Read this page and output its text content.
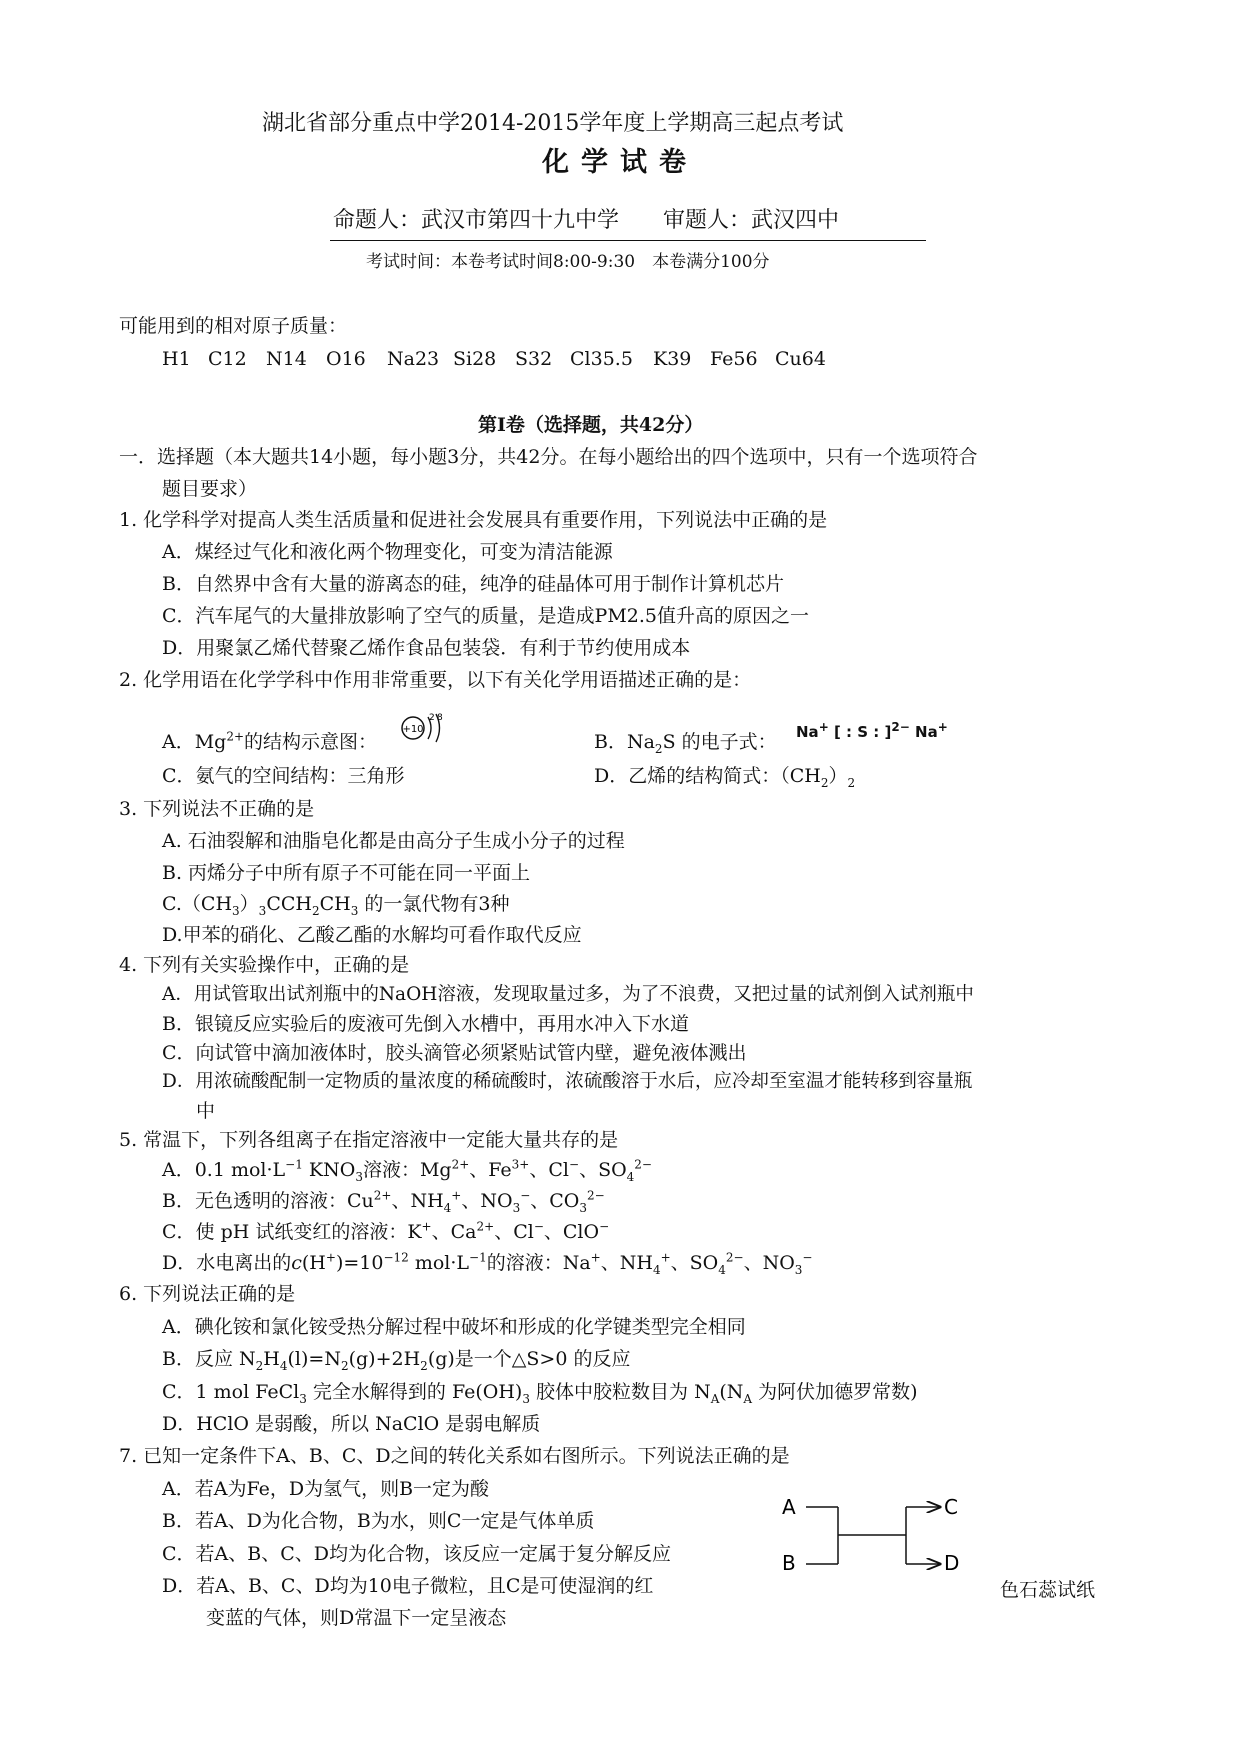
湖北省部分重点中学2014-2015学年度上学期高三起点考试
化学试卷
命题人：武汉市第四十九中学　　审题人：武汉四中
考试时间：本卷考试时间8:00-9:30　本卷满分100分
可能用到的相对原子质量：
H1 C12 N14 O16 Na23 Si28 S32 Cl35.5 K39 Fe56 Cu64
第Ⅰ卷（选择题，共42分）
一．选择题（本大题共14小题，每小题3分，共42分。在每小题给出的四个选项中，只有一个选项符合
题目要求）
1. 化学科学对提高人类生活质量和促进社会发展具有重要作用，下列说法中正确的是
A．煤经过气化和液化两个物理变化，可变为清洁能源
B．自然界中含有大量的游离态的硅，纯净的硅晶体可用于制作计算机芯片
C．汽车尾气的大量排放影响了空气的质量，是造成PM2.5值升高的原因之一
D．用聚氯乙烯代替聚乙烯作食品包装袋．有利于节约使用成本
2. 化学用语在化学学科中作用非常重要，以下有关化学用语描述正确的是：
A．$Mg^{2+}$的结构示意图：
+10
2 8
B．$Na_2S$ 的电子式： Na+ [ : S : ]$^{2-}$ Na+
C．氨气的空间结构：三角形	D．乙烯的结构简式：$(CH_2)_2$
3. 下列说法不正确的是
A. 石油裂解和油脂皂化都是由高分子生成小分子的过程
B. 丙烯分子中所有原子不可能在同一平面上
$C.(CH_3)_3CCH_2CH_3$ 的一氯代物有3种
D.甲苯的硝化、乙酸乙酯的水解均可看作取代反应
4. 下列有关实验操作中，正确的是
A．用试管取出试剂瓶中的NaOH溶液，发现取量过多，为了不浪费，又把过量的试剂倒入试剂瓶中
B．银镜反应实验后的废液可先倒入水槽中，再用水冲入下水道
C．向试管中滴加液体时，胶头滴管必须紧贴试管内壁，避免液体溅出
D．用浓硫酸配制一定物质的量浓度的稀硫酸时，浓硫酸溶于水后，应冷却至室温才能转移到容量瓶
中
5. 常温下，下列各组离子在指定溶液中一定能大量共存的是
A．0.1 $mol\cdot L^{-1}$ $KNO_3$溶液：$Mg^{2+}$、$Fe^{3+}$、Cl−、$SO_4^{2-}$
B．无色透明的溶液：$Cu^{2+}$、$NH_4^+$、$NO_3^-$、$CO_3^{2-}$
C．使 pH 试纸变红的溶液：K+、$Ca^{2+}$、Cl−、ClO−
D．水电离出的$c(H^+)=10^{-12}$ $mol\cdot L^{-1}$的溶液：Na+、$NH_4^+$、$SO_4^{2-}$、$NO_3^-$
6. 下列说法正确的是
A．碘化铵和氯化铵受热分解过程中破坏和形成的化学键类型完全相同
B．反应 $N_2H_4(l)=N_2(g)+2H_2(g)$是一个△S>0 的反应
C．1 mol FeCl$_3$ 完全水解得到的 $Fe(OH)_3$ 胶体中胶粒数目为 $N_A(N_A$ 为阿伏加德罗常数)
D．HClO 是弱酸，所以 NaClO 是弱电解质
7. 已知一定条件下A、B、C、D之间的转化关系如右图所示。下列说法正确的是
A．若A为Fe，D为氢气，则B一定为酸
B．若A、D为化合物，B为水，则C一定是气体单质
C．若A、B、C、D均为化合物，该反应一定属于复分解反应
D．若A、B、C、D均为10电子微粒，且C是可使湿润的红
变蓝的气体，则D常温下一定呈液态
色石蕊试纸
A
B
C
D
